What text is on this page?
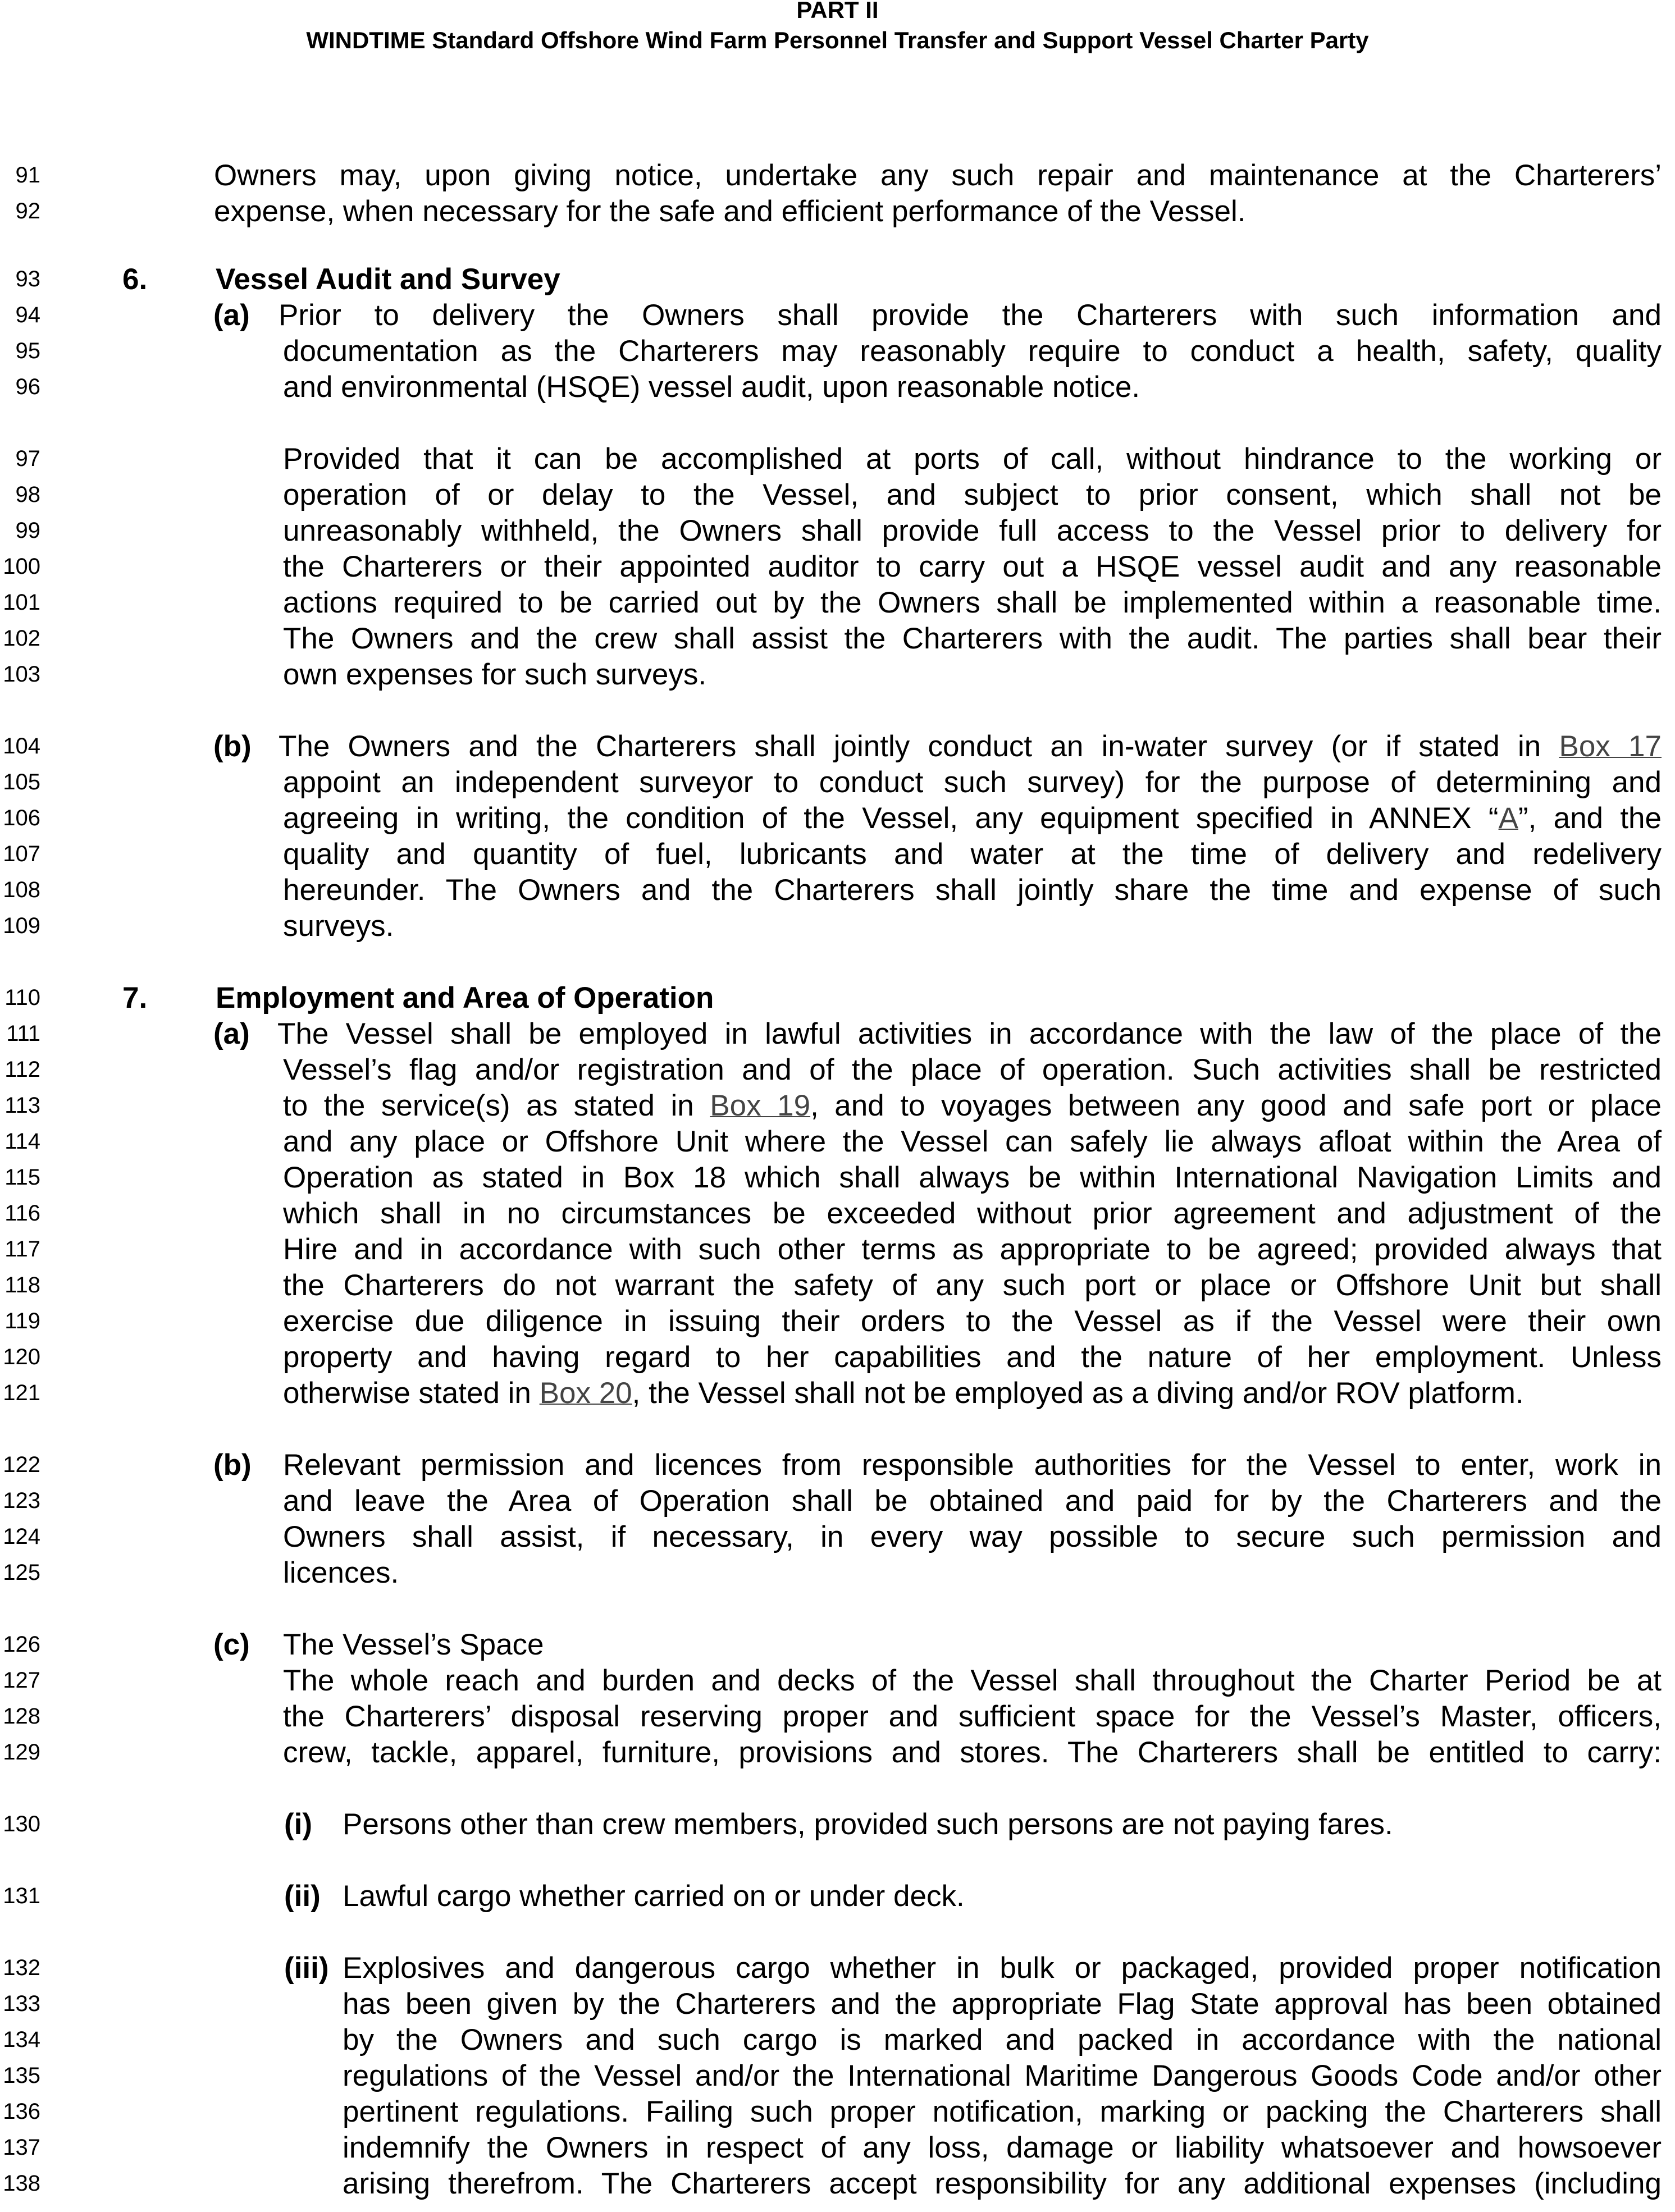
PART II
WINDTIME Standard Offshore Wind Farm Personnel Transfer and Support Vessel Charter Party
91	Owners may, upon giving notice, undertake any such repair and maintenance at the Charterers’
92	expense, when necessary for the safe and efficient performance of the Vessel.
93	6. Vessel Audit and Survey
94	(a) Prior to delivery the Owners shall provide the Charterers with such information and
95	documentation as the Charterers may reasonably require to conduct a health, safety, quality
96	and environmental (HSQE) vessel audit, upon reasonable notice.
97	Provided that it can be accomplished at ports of call, without hindrance to the working or
98	operation of or delay to the Vessel, and subject to prior consent, which shall not be
99	unreasonably withheld, the Owners shall provide full access to the Vessel prior to delivery for
100	the Charterers or their appointed auditor to carry out a HSQE vessel audit and any reasonable
101	actions required to be carried out by the Owners shall be implemented within a reasonable time.
102	The Owners and the crew shall assist the Charterers with the audit. The parties shall bear their
103	own expenses for such surveys.
104	(b) The Owners and the Charterers shall jointly conduct an in-water survey (or if stated in Box 17
105	appoint an independent surveyor to conduct such survey) for the purpose of determining and
106	agreeing in writing, the condition of the Vessel, any equipment specified in ANNEX “A”, and the
107	quality and quantity of fuel, lubricants and water at the time of delivery and redelivery
108	hereunder. The Owners and the Charterers shall jointly share the time and expense of such
109	surveys.
110	7. Employment and Area of Operation
111	(a) The Vessel shall be employed in lawful activities in accordance with the law of the place of the
112	Vessel’s flag and/or registration and of the place of operation. Such activities shall be restricted
113	to the service(s) as stated in Box 19, and to voyages between any good and safe port or place
114	and any place or Offshore Unit where the Vessel can safely lie always afloat within the Area of
115	Operation as stated in Box 18 which shall always be within International Navigation Limits and
116	which shall in no circumstances be exceeded without prior agreement and adjustment of the
117	Hire and in accordance with such other terms as appropriate to be agreed; provided always that
118	the Charterers do not warrant the safety of any such port or place or Offshore Unit but shall
119	exercise due diligence in issuing their orders to the Vessel as if the Vessel were their own
120	property and having regard to her capabilities and the nature of her employment. Unless
121	otherwise stated in Box 20, the Vessel shall not be employed as a diving and/or ROV platform.
122	(b) Relevant permission and licences from responsible authorities for the Vessel to enter, work in
123	and leave the Area of Operation shall be obtained and paid for by the Charterers and the
124	Owners shall assist, if necessary, in every way possible to secure such permission and
125	licences.
126	(c) The Vessel’s Space
127	The whole reach and burden and decks of the Vessel shall throughout the Charter Period be at
128	the Charterers’ disposal reserving proper and sufficient space for the Vessel’s Master, officers,
129	crew, tackle, apparel, furniture, provisions and stores. The Charterers shall be entitled to carry:
130	(i) Persons other than crew members, provided such persons are not paying fares.
131	(ii) Lawful cargo whether carried on or under deck.
132	(iii) Explosives and dangerous cargo whether in bulk or packaged, provided proper notification
133	has been given by the Charterers and the appropriate Flag State approval has been obtained
134	by the Owners and such cargo is marked and packed in accordance with the national
135	regulations of the Vessel and/or the International Maritime Dangerous Goods Code and/or other
136	pertinent regulations. Failing such proper notification, marking or packing the Charterers shall
137	indemnify the Owners in respect of any loss, damage or liability whatsoever and howsoever
138	arising therefrom. The Charterers accept responsibility for any additional expenses (including
